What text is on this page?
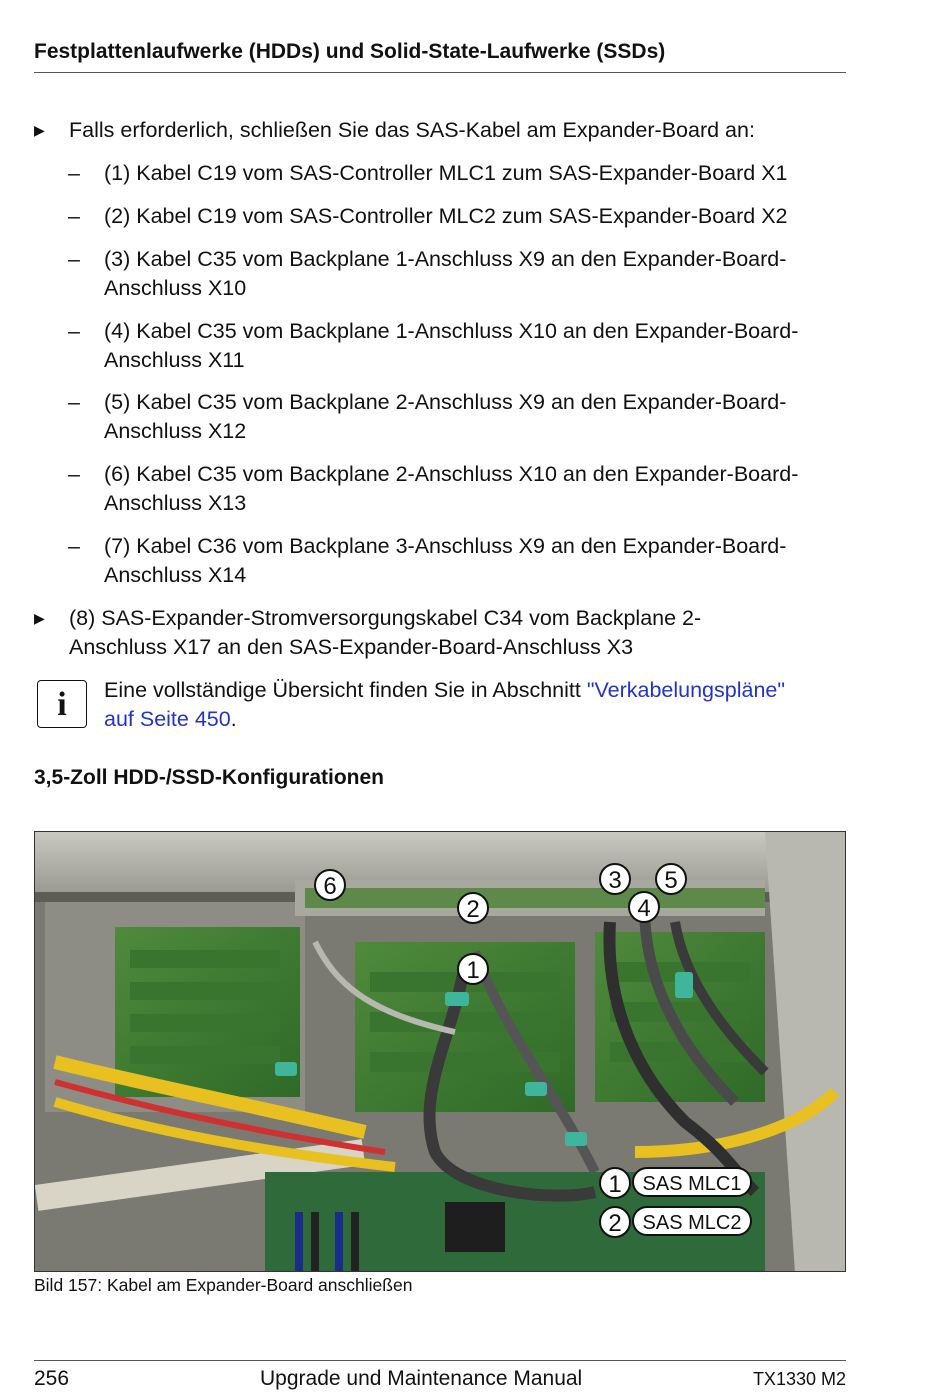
Festplattenlaufwerke (HDDs) und Solid-State-Laufwerke (SSDs)
▶ Falls erforderlich, schließen Sie das SAS-Kabel am Expander-Board an:
– (1) Kabel C19 vom SAS-Controller MLC1 zum SAS-Expander-Board X1
– (2) Kabel C19 vom SAS-Controller MLC2 zum SAS-Expander-Board X2
– (3) Kabel C35 vom Backplane 1-Anschluss X9 an den Expander-Board-
Anschluss X10
– (4) Kabel C35 vom Backplane 1-Anschluss X10 an den Expander-Board-
Anschluss X11
– (5) Kabel C35 vom Backplane 2-Anschluss X9 an den Expander-Board-
Anschluss X12
– (6) Kabel C35 vom Backplane 2-Anschluss X10 an den Expander-Board-
Anschluss X13
– (7) Kabel C36 vom Backplane 3-Anschluss X9 an den Expander-Board-
Anschluss X14
▶ (8) SAS-Expander-Stromversorgungskabel C34 vom Backplane 2-
Anschluss X17 an den SAS-Expander-Board-Anschluss X3
i	Eine vollständige Übersicht finden Sie in Abschnitt "Verkabelungspläne"
auf Seite 450.
3,5-Zoll HDD-/SSD-Konfigurationen
6
2
1
3
4
5
1 SAS MLC1
2 SAS MLC2
Bild 157: Kabel am Expander-Board anschließen
256	Upgrade und Maintenance Manual	TX1330 M2
